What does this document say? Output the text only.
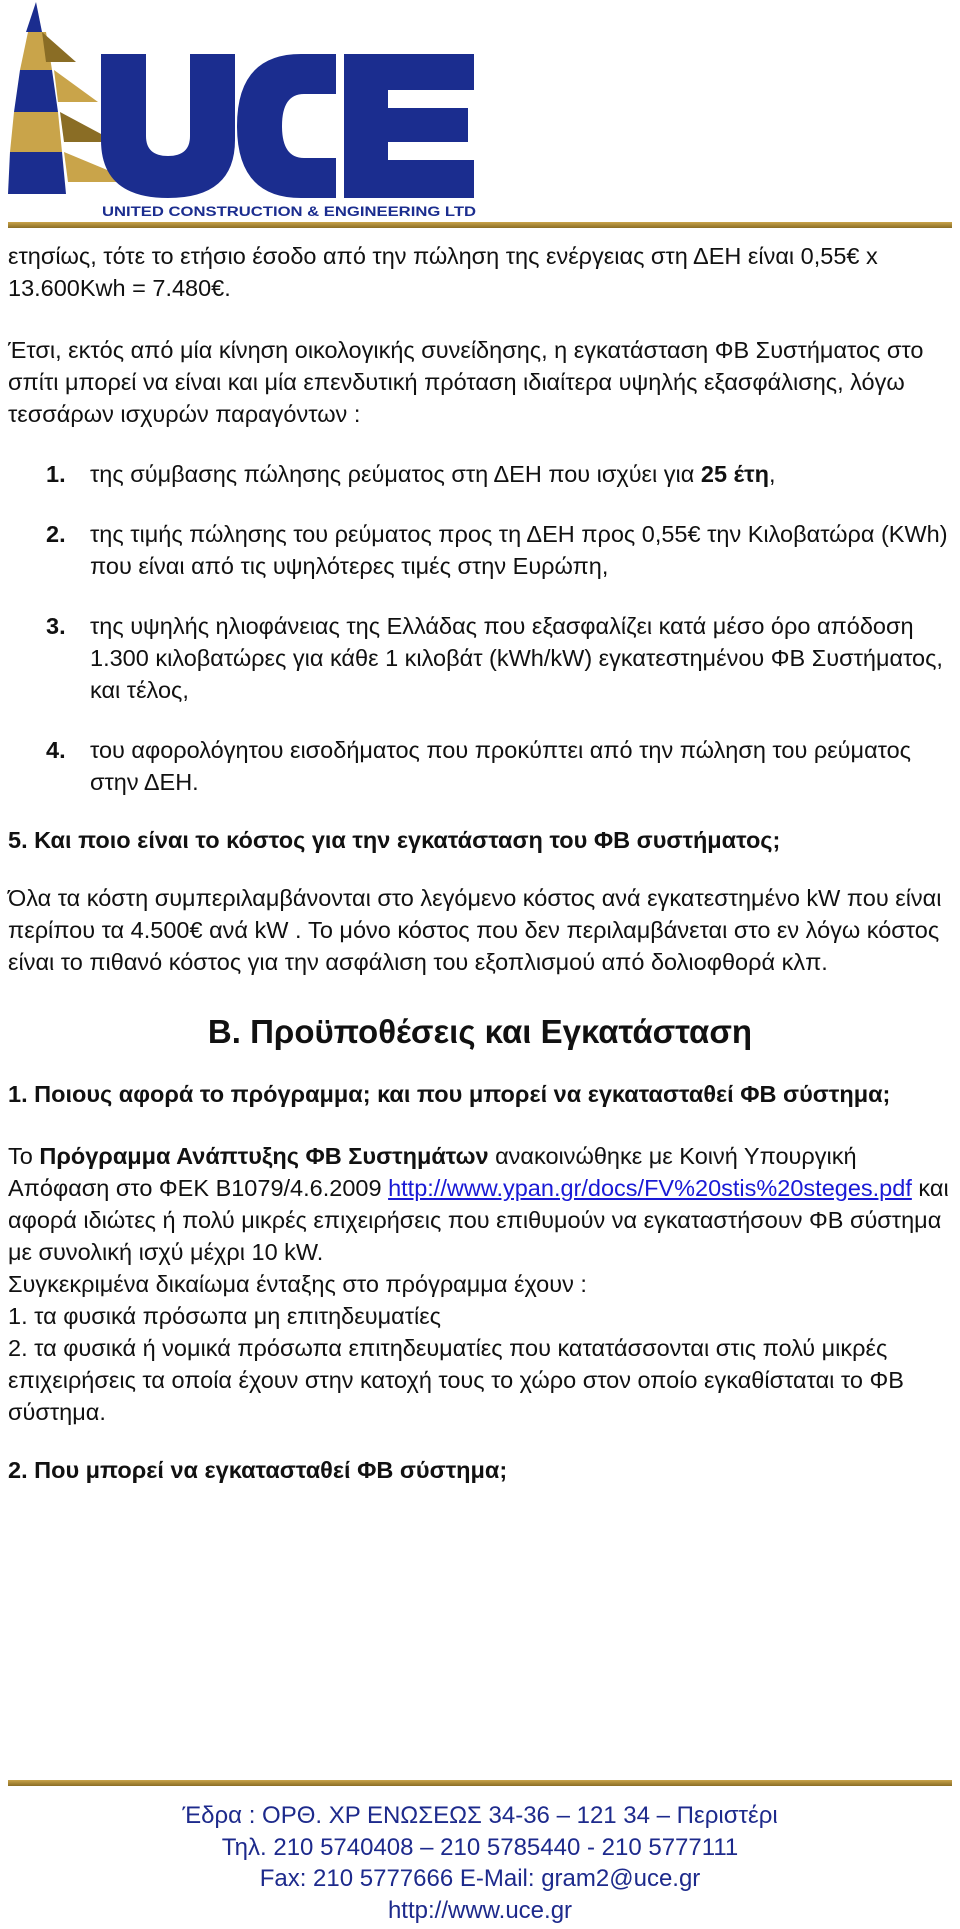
UNITED CONSTRUCTION & ENGINEERING LTD

ετησίως, τότε το ετήσιο έσοδο από την πώληση της ενέργειας στη ΔΕΗ είναι 0,55€ x 13.600Kwh = 7.480€.

Έτσι, εκτός από μία κίνηση οικολογικής συνείδησης, η εγκατάσταση ΦΒ Συστήματος στο σπίτι μπορεί να είναι και μία επενδυτική πρόταση ιδιαίτερα υψηλής εξασφάλισης, λόγω τεσσάρων ισχυρών παραγόντων :

1.	της σύμβασης πώλησης ρεύματος στη ΔΕΗ που ισχύει για 25 έτη,
2.	της τιμής πώλησης του ρεύματος προς τη ΔΕΗ προς 0,55€ την Κιλοβατώρα (KWh) που είναι από τις υψηλότερες τιμές στην Ευρώπη,
3.	της υψηλής ηλιοφάνειας της Ελλάδας που εξασφαλίζει κατά μέσο όρο απόδοση 1.300 κιλοβατώρες για κάθε 1 κιλοβάτ (kWh/kW) εγκατεστημένου ΦΒ Συστήματος, και τέλος,
4.	του αφορολόγητου εισοδήματος που προκύπτει από την πώληση του ρεύματος στην ΔΕΗ.

5. Και ποιο είναι το κόστος για την εγκατάσταση του ΦΒ συστήματος;

Όλα τα κόστη συμπεριλαμβάνονται στο λεγόμενο κόστος ανά εγκατεστημένο kW που είναι περίπου τα 4.500€ ανά kW . Το μόνο κόστος που δεν περιλαμβάνεται στο εν λόγω κόστος είναι το πιθανό κόστος για την ασφάλιση του εξοπλισμού από δολιοφθορά κλπ.

Β. Προϋποθέσεις και Εγκατάσταση

1. Ποιους αφορά το πρόγραμμα; και που μπορεί να εγκατασταθεί ΦΒ σύστημα;

Το Πρόγραμμα Ανάπτυξης ΦΒ Συστημάτων ανακοινώθηκε με Κοινή Υπουργική Απόφαση στο ΦΕΚ Β1079/4.6.2009 http://www.ypan.gr/docs/FV%20stis%20steges.pdf και αφορά ιδιώτες ή πολύ μικρές επιχειρήσεις που επιθυμούν να εγκαταστήσουν ΦΒ σύστημα με συνολική ισχύ μέχρι 10 kW.

Συγκεκριμένα δικαίωμα ένταξης στο πρόγραμμα έχουν :

1. τα φυσικά πρόσωπα μη επιτηδευματίες

2. τα φυσικά ή νομικά πρόσωπα επιτηδευματίες που κατατάσσονται στις πολύ μικρές επιχειρήσεις τα οποία έχουν στην κατοχή τους το χώρο στον οποίο εγκαθίσταται το ΦΒ σύστημα.

2. Που μπορεί να εγκατασταθεί ΦΒ σύστημα;

Έδρα : ΟΡΘ. ΧΡ ΕΝΩΣΕΩΣ 34-36 – 121 34 – Περιστέρι
Τηλ. 210 5740408 – 210 5785440 - 210 5777111
Fax: 210 5777666 E-Mail: gram2@uce.gr
http://www.uce.gr
